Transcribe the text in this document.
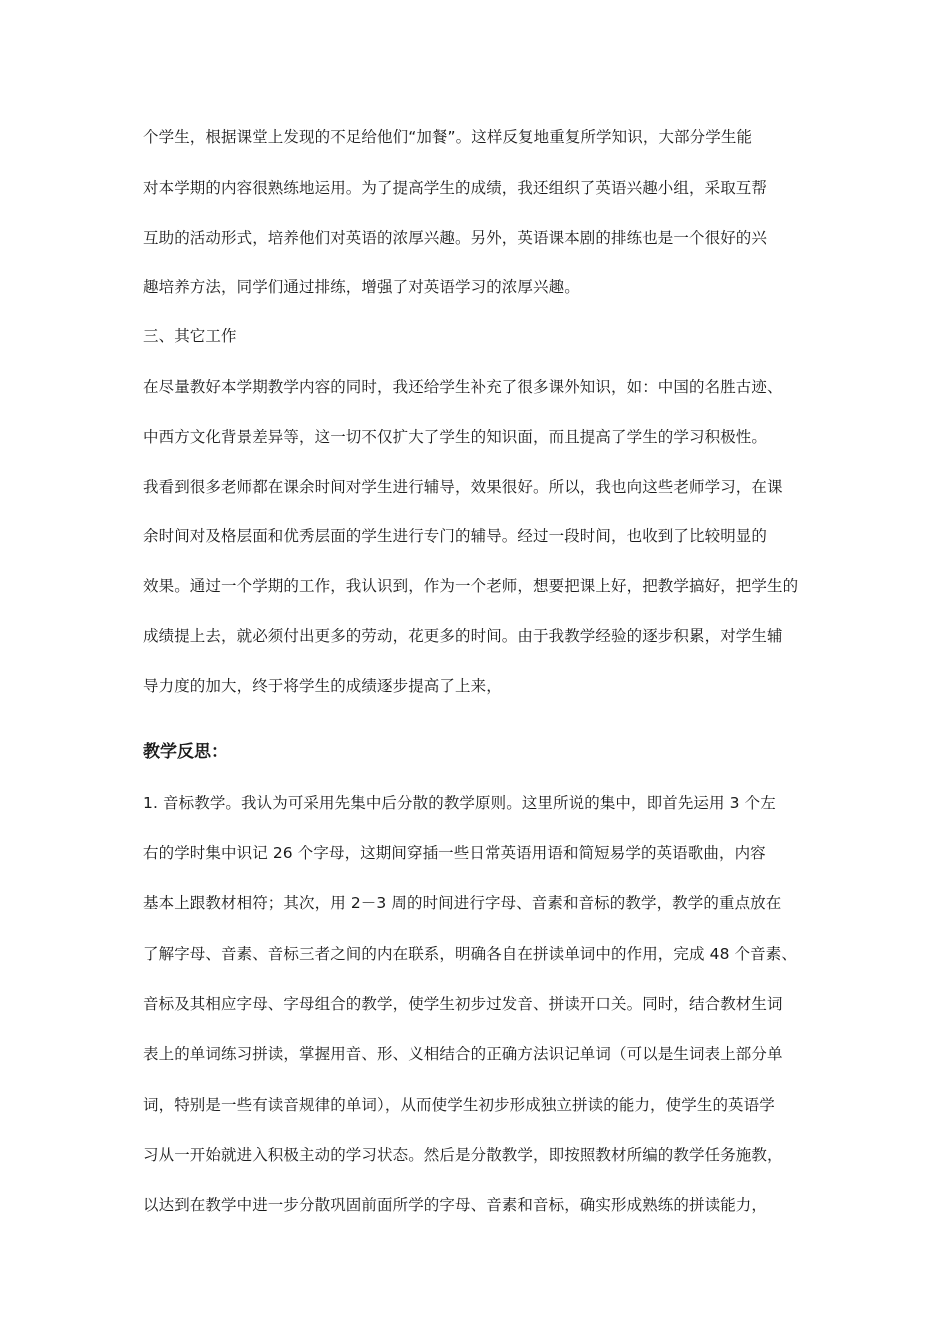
个学生，根据课堂上发现的不足给他们“加餐”。这样反复地重复所学知识，大部分学生能
对本学期的内容很熟练地运用。为了提高学生的成绩，我还组织了英语兴趣小组，采取互帮
互助的活动形式，培养他们对英语的浓厚兴趣。另外，英语课本剧的排练也是一个很好的兴
趣培养方法，同学们通过排练，增强了对英语学习的浓厚兴趣。
三、其它工作
在尽量教好本学期教学内容的同时，我还给学生补充了很多课外知识，如：中国的名胜古迹、
中西方文化背景差异等，这一切不仅扩大了学生的知识面，而且提高了学生的学习积极性。
我看到很多老师都在课余时间对学生进行辅导，效果很好。所以，我也向这些老师学习，在课
余时间对及格层面和优秀层面的学生进行专门的辅导。经过一段时间，也收到了比较明显的
效果。通过一个学期的工作，我认识到，作为一个老师，想要把课上好，把教学搞好，把学生的
成绩提上去，就必须付出更多的劳动，花更多的时间。由于我教学经验的逐步积累，对学生辅
导力度的加大，终于将学生的成绩逐步提高了上来，
教学反思：
1. 音标教学。我认为可采用先集中后分散的教学原则。这里所说的集中，即首先运用 3 个左
右的学时集中识记 26 个字母，这期间穿插一些日常英语用语和简短易学的英语歌曲，内容
基本上跟教材相符；其次，用 2－3 周的时间进行字母、音素和音标的教学，教学的重点放在
了解字母、音素、音标三者之间的内在联系，明确各自在拼读单词中的作用，完成 48 个音素、
音标及其相应字母、字母组合的教学，使学生初步过发音、拼读开口关。同时，结合教材生词
表上的单词练习拼读，掌握用音、形、义相结合的正确方法识记单词（可以是生词表上部分单
词，特别是一些有读音规律的单词），从而使学生初步形成独立拼读的能力，使学生的英语学
习从一开始就进入积极主动的学习状态。然后是分散教学，即按照教材所编的教学任务施教，
以达到在教学中进一步分散巩固前面所学的字母、音素和音标，确实形成熟练的拼读能力，
